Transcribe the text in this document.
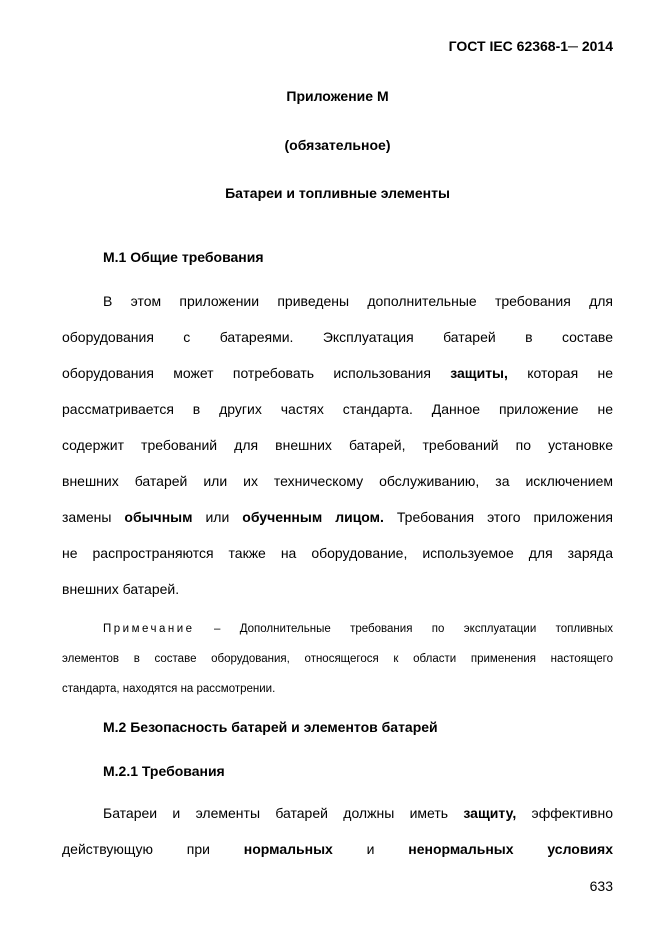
ГОСТ IEC 62368-1─ 2014
Приложение М
(обязательное)
Батареи и топливные элементы
М.1 Общие требования
В этом приложении приведены дополнительные требования для
оборудования с батареями. Эксплуатация батарей в составе
оборудования может потребовать использования защиты, которая не
рассматривается в других частях стандарта. Данное приложение не
содержит требований для внешних батарей, требований по установке
внешних батарей или их техническому обслуживанию, за исключением
замены обычным или обученным лицом. Требования этого приложения
не распространяются также на оборудование, используемое для заряда
внешних батарей.
Примечание – Дополнительные требования по эксплуатации топливных
элементов в составе оборудования, относящегося к области применения настоящего
стандарта, находятся на рассмотрении.
М.2 Безопасность батарей и элементов батарей
М.2.1 Требования
Батареи и элементы батарей должны иметь защиту, эффективно
действующую при нормальных и ненормальных условиях
633
